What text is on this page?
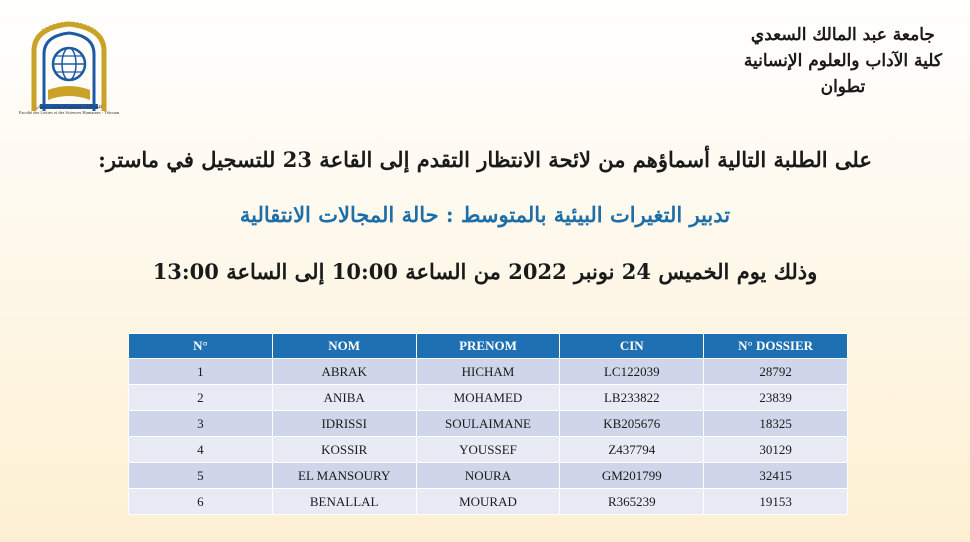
كلية الآداب والعلوم الإنسانية - تطوان
Faculté des Lettres et des Sciences Humaines - Tétouan
جامعة عبد المالك السعدي
كلية الآداب والعلوم الإنسانية
تطوان
على الطلبة التالية أسماؤهم من لائحة الانتظار التقدم إلى القاعة 23 للتسجيل في ماستر:
تدبير التغيرات البيئية بالمتوسط : حالة المجالات الانتقالية
وذلك يوم الخميس 24 نونبر 2022 من الساعة 10:00 إلى الساعة 13:00
N°	NOM	PRENOM	CIN	N° DOSSIER
1	ABRAK	HICHAM	LC122039	28792
2	ANIBA	MOHAMED	LB233822	23839
3	IDRISSI	SOULAIMANE	KB205676	18325
4	KOSSIR	YOUSSEF	Z437794	30129
5	EL MANSOURY	NOURA	GM201799	32415
6	BENALLAL	MOURAD	R365239	19153
